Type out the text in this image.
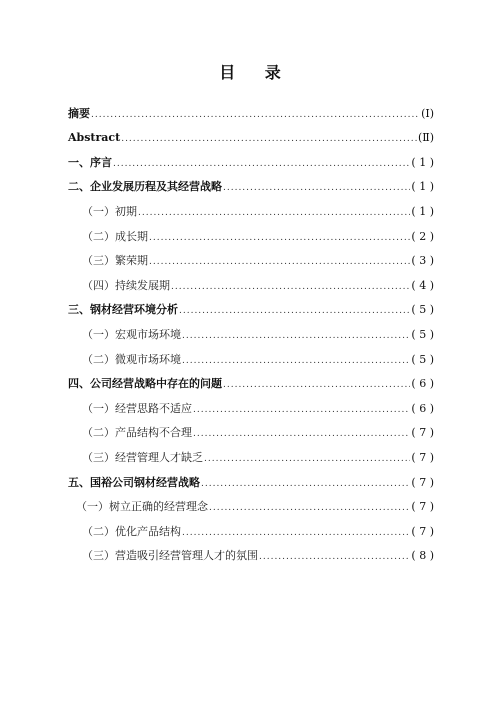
目 录
摘要 .....	(Ⅰ)
Abstract .....	(Ⅱ)
一、序言 .....	( 1 )
二、企业发展历程及其经营战略 .....	( 1 )
（一）初期 .....	( 1 )
（二）成长期 .....	( 2 )
（三）繁荣期 .....	( 3 )
（四）持续发展期 .....	( 4 )
三、钢材经营环境分析 .....	( 5 )
（一）宏观市场环境 .....	( 5 )
（二）微观市场环境 .....	( 5 )
四、公司经营战略中存在的问题 .....	( 6 )
（一）经营思路不适应 .....	( 6 )
（二）产品结构不合理 .....	( 7 )
（三）经营管理人才缺乏 .....	( 7 )
五、国裕公司钢材经营战略 .....	( 7 )
（一）树立正确的经营理念 .....	( 7 )
（二）优化产品结构 .....	( 7 )
（三）营造吸引经营管理人才的氛围 .....	( 8 )
